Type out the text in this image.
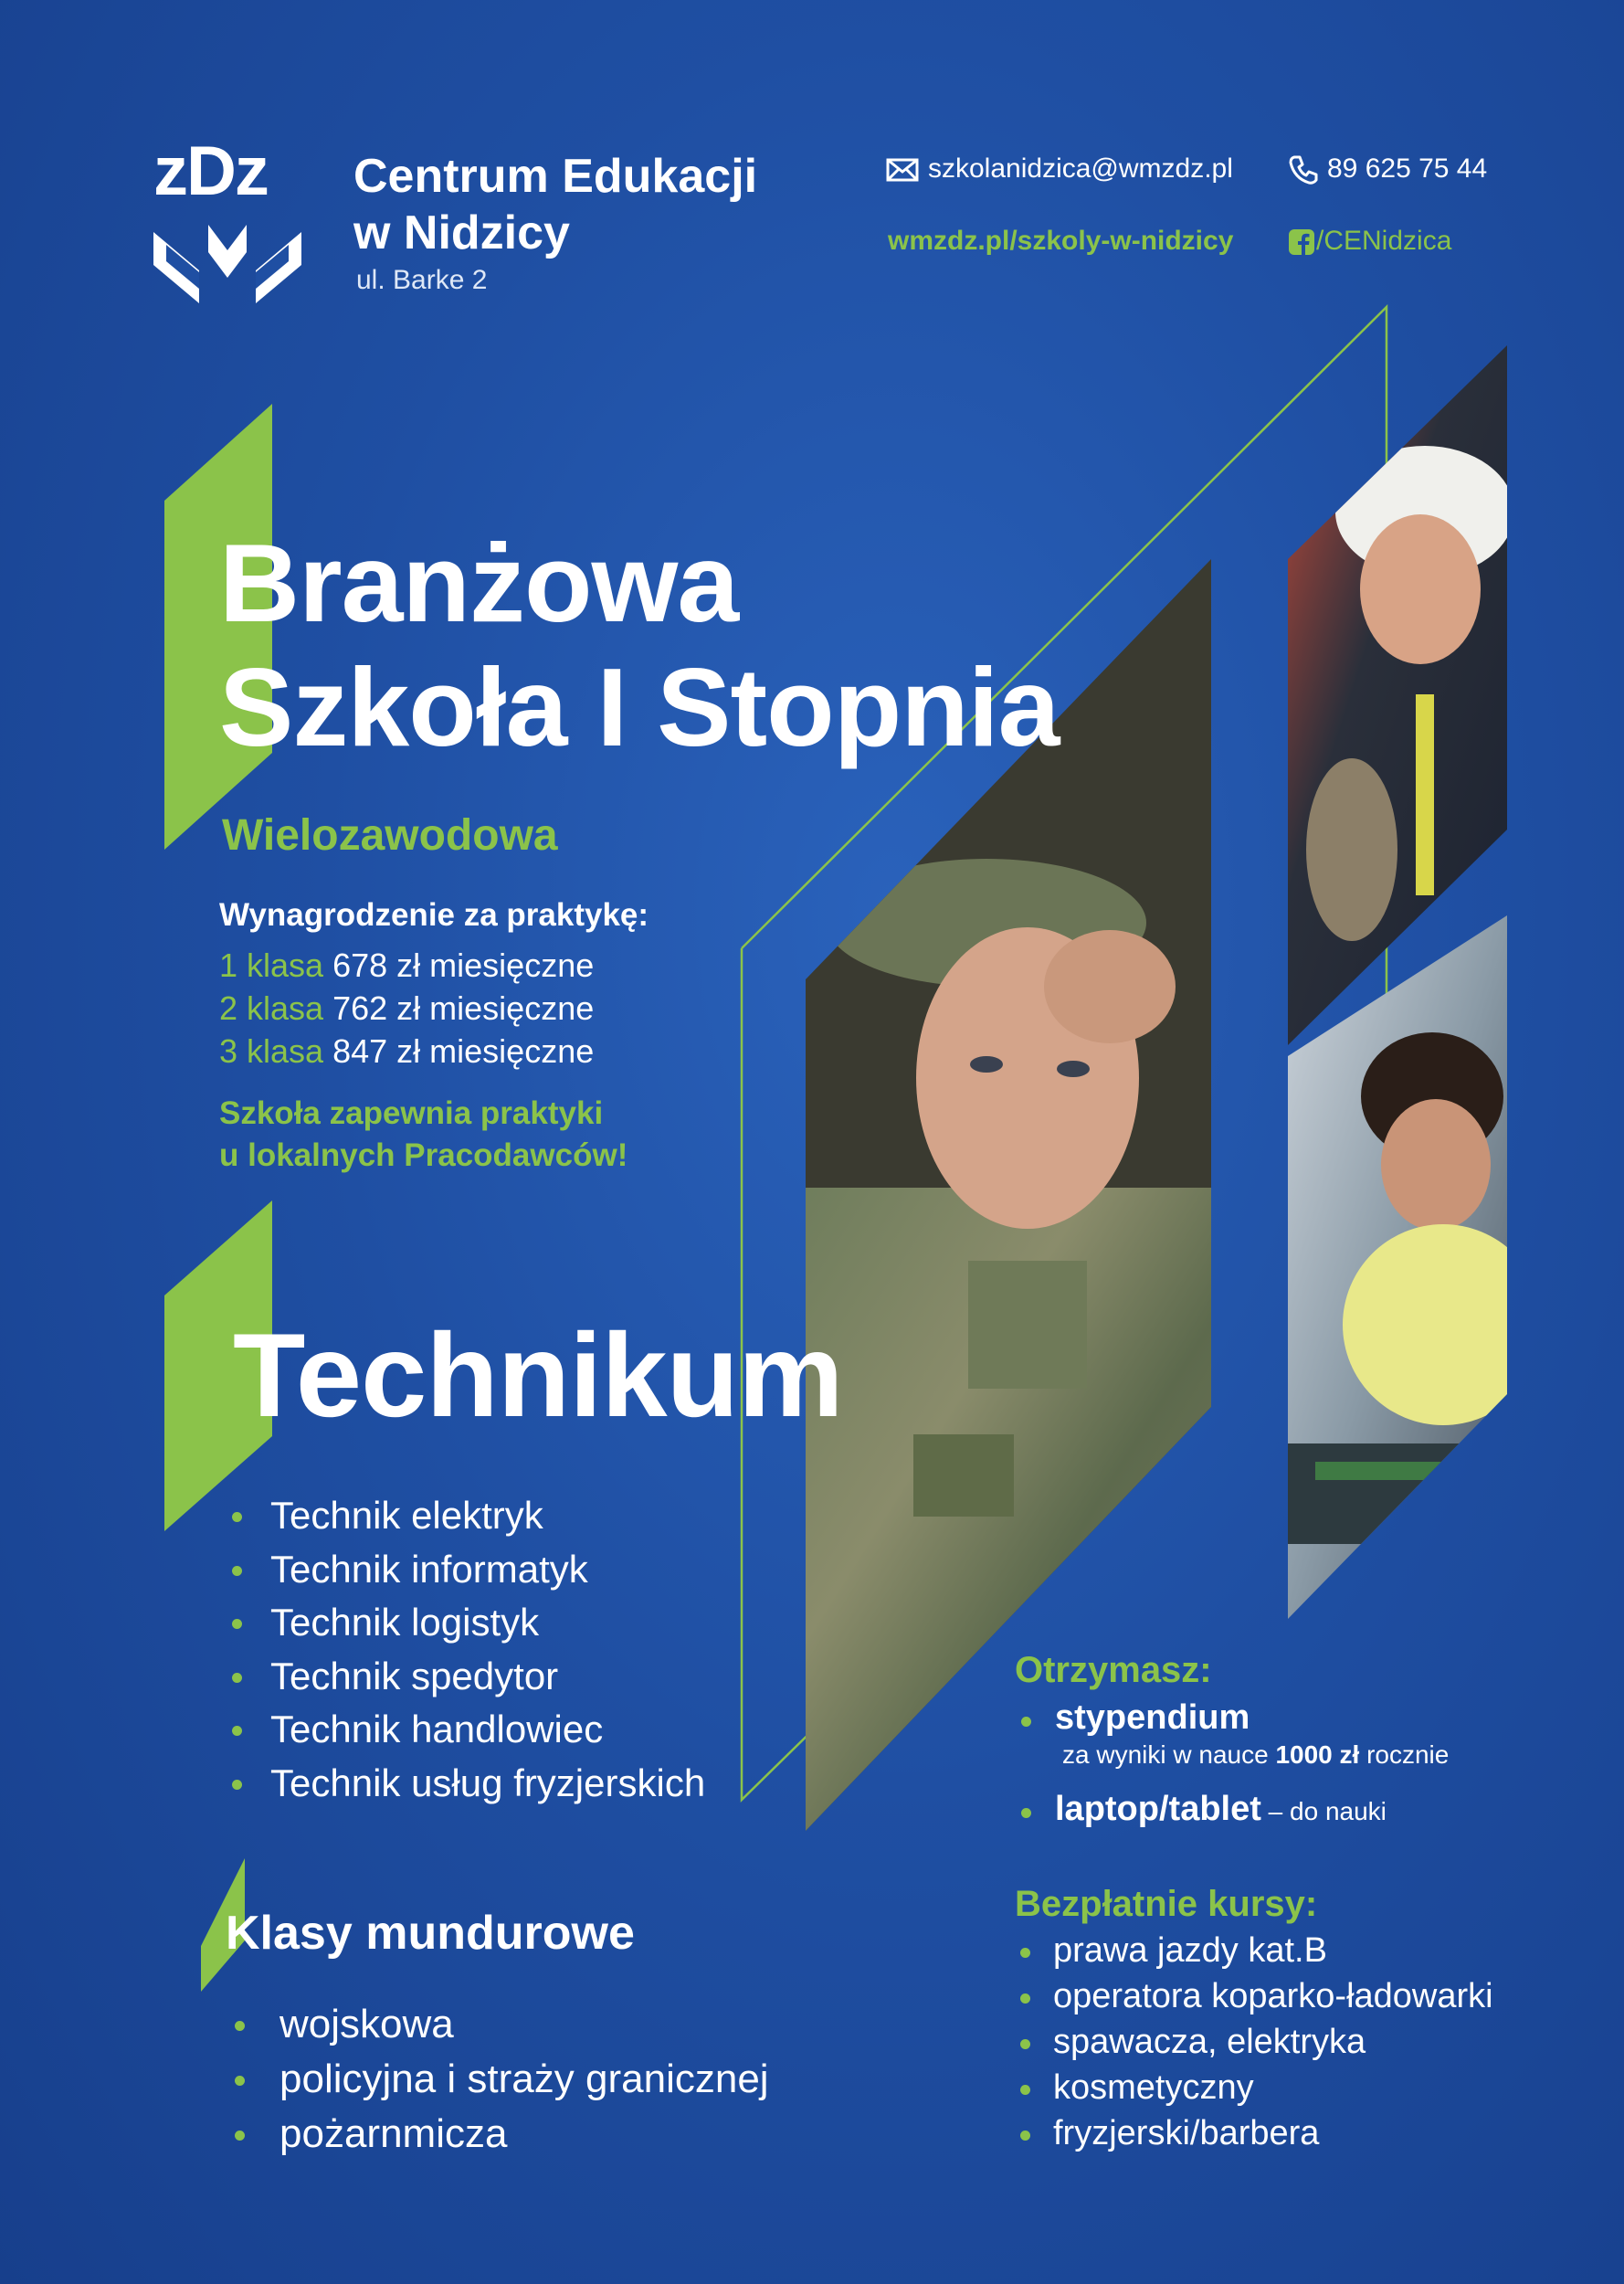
zDz Centrum Edukacji
w Nidzicy
ul. Barke 2
szkolanidzica@wmzdz.pl	89 625 75 44
wmzdz.pl/szkoly-w-nidzicy	/CENidzica
Branżowa
Szkoła I Stopnia
Wielozawodowa
Wynagrodzenie za praktykę:
1 klasa 678 zł miesięczne
2 klasa 762 zł miesięczne
3 klasa 847 zł miesięczne
Szkoła zapewnia praktyki
u lokalnych Pracodawców!
Technikum
Technik elektryk
Technik informatyk
Technik logistyk
Technik spedytor
Technik handlowiec
Technik usług fryzjerskich
Klasy mundurowe
wojskowa
policyjna i straży granicznej
pożarnmicza
Otrzymasz:
stypendium
za wyniki w nauce 1000 zł rocznie
laptop/tablet – do nauki
Bezpłatnie kursy:
prawa jazdy kat.B
operatora koparko-ładowarki
spawacza, elektryka
kosmetyczny
fryzjerski/barbera
